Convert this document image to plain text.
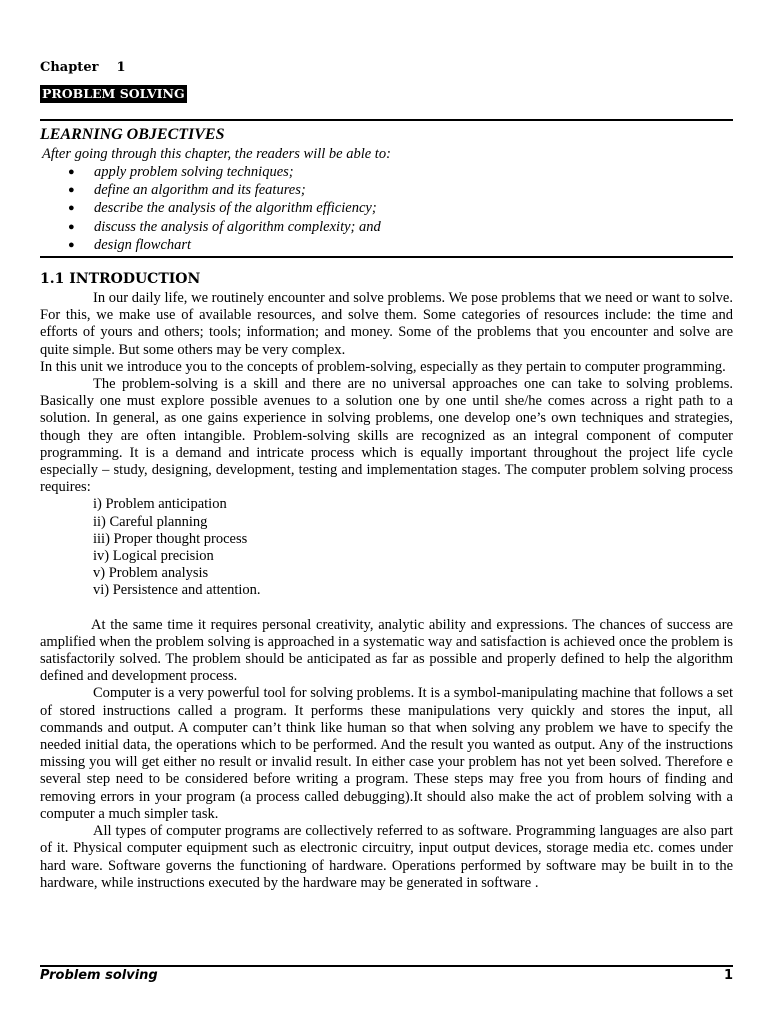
Chapter    1
PROBLEM SOLVING
LEARNING OBJECTIVES
After going through this chapter, the readers will be able to:
● apply problem solving techniques;
● define an algorithm and its features;
● describe the analysis of the algorithm efficiency;
● discuss the analysis of algorithm complexity; and
● design flowchart
1.1 INTRODUCTION

In our daily life, we routinely encounter and solve problems. We pose problems that we need or want to solve. For this, we make use of available resources, and solve them. Some categories of resources include: the time and efforts of yours and others; tools; information; and money. Some of the problems that you encounter and solve are quite simple. But some others may be very complex.

In this unit we introduce you to the concepts of problem-solving, especially as they pertain to computer programming.

The problem-solving is a skill and there are no universal approaches one can take to solving problems. Basically one must explore possible avenues to a solution one by one until she/he comes across a right path to a solution. In general, as one gains experience in solving problems, one develop one’s own techniques and strategies, though they are often intangible. Problem-solving skills are recognized as an integral component of computer programming. It is a demand and intricate process which is equally important throughout the project life cycle especially – study, designing, development, testing and implementation stages. The computer problem solving process requires:

i) Problem anticipation
ii) Careful planning
iii) Proper thought process
iv) Logical precision
v) Problem analysis
vi) Persistence and attention.

At the same time it requires personal creativity, analytic ability and expressions. The chances of success are amplified when the problem solving is approached in a systematic way and satisfaction is achieved once the problem is satisfactorily solved. The problem should be anticipated as far as possible and properly defined to help the algorithm defined and development process.

Computer is a very powerful tool for solving problems. It is a symbol-manipulating machine that follows a set of stored instructions called a program. It performs these manipulations very quickly and stores the input, all commands and output. A computer can’t think like human so that when solving any problem we have to specify the needed initial data, the operations which to be performed. And the result you wanted as output. Any of the instructions missing you will get either no result or invalid result. In either case your problem has not yet been solved. Therefore e several step need to be considered before writing a program. These steps may free you from hours of finding and removing errors in your program (a process called debugging).It should also make the act of problem solving with a computer a much simpler task.

All types of computer programs are collectively referred to as software. Programming languages are also part of it. Physical computer equipment such as electronic circuitry, input output devices, storage media etc. comes under hard ware. Software governs the functioning of hardware. Operations performed by software may be built in to the hardware, while instructions executed by the hardware may be generated in software .

Problem solving	1
